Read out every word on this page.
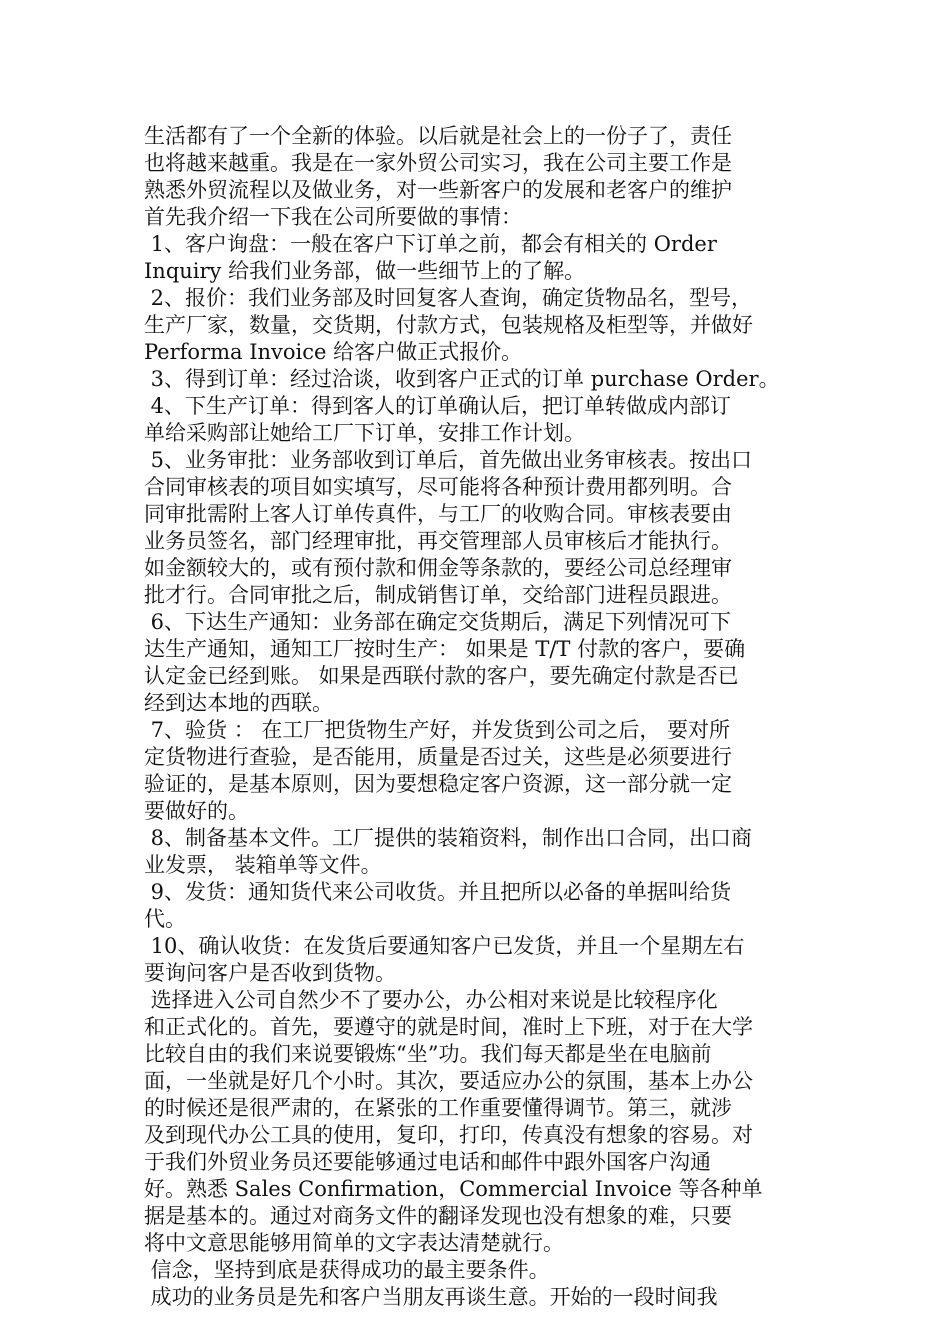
生活都有了一个全新的体验。以后就是社会上的一份子了，责任
也将越来越重。我是在一家外贸公司实习，我在公司主要工作是
熟悉外贸流程以及做业务，对一些新客户的发展和老客户的维护
首先我介绍一下我在公司所要做的事情：
1、客户询盘：一般在客户下订单之前，都会有相关的 Order
Inquiry 给我们业务部，做一些细节上的了解。
2、报价：我们业务部及时回复客人查询，确定货物品名，型号，
生产厂家，数量，交货期，付款方式，包装规格及柜型等，并做好
Performa Invoice 给客户做正式报价。
3、得到订单：经过洽谈，收到客户正式的订单 purchase Order。
4、下生产订单：得到客人的订单确认后，把订单转做成内部订
单给采购部让她给工厂下订单，安排工作计划。
5、业务审批：业务部收到订单后，首先做出业务审核表。按出口
合同审核表的项目如实填写，尽可能将各种预计费用都列明。合
同审批需附上客人订单传真件，与工厂的收购合同。审核表要由
业务员签名，部门经理审批，再交管理部人员审核后才能执行。
如金额较大的，或有预付款和佣金等条款的，要经公司总经理审
批才行。合同审批之后，制成销售订单，交给部门进程员跟进。
6、下达生产通知：业务部在确定交货期后，满足下列情况可下
达生产通知，通知工厂按时生产： 如果是 T/T 付款的客户，要确
认定金已经到账。 如果是西联付款的客户，要先确定付款是否已
经到达本地的西联。
7、验货 ： 在工厂把货物生产好，并发货到公司之后， 要对所
定货物进行查验，是否能用，质量是否过关，这些是必须要进行
验证的，是基本原则，因为要想稳定客户资源，这一部分就一定
要做好的。
8、制备基本文件。工厂提供的装箱资料，制作出口合同，出口商
业发票， 装箱单等文件。
9、发货：通知货代来公司收货。并且把所以必备的单据叫给货
代。
10、确认收货：在发货后要通知客户已发货，并且一个星期左右
要询问客户是否收到货物。
选择进入公司自然少不了要办公，办公相对来说是比较程序化
和正式化的。首先，要遵守的就是时间，准时上下班，对于在大学
比较自由的我们来说要锻炼“坐”功。我们每天都是坐在电脑前
面，一坐就是好几个小时。其次，要适应办公的氛围，基本上办公
的时候还是很严肃的，在紧张的工作重要懂得调节。第三，就涉
及到现代办公工具的使用，复印，打印，传真没有想象的容易。对
于我们外贸业务员还要能够通过电话和邮件中跟外国客户沟通
好。熟悉 Sales Confirmation，Commercial Invoice 等各种单
据是基本的。通过对商务文件的翻译发现也没有想象的难，只要
将中文意思能够用简单的文字表达清楚就行。
信念，坚持到底是获得成功的最主要条件。
成功的业务员是先和客户当朋友再谈生意。开始的一段时间我
